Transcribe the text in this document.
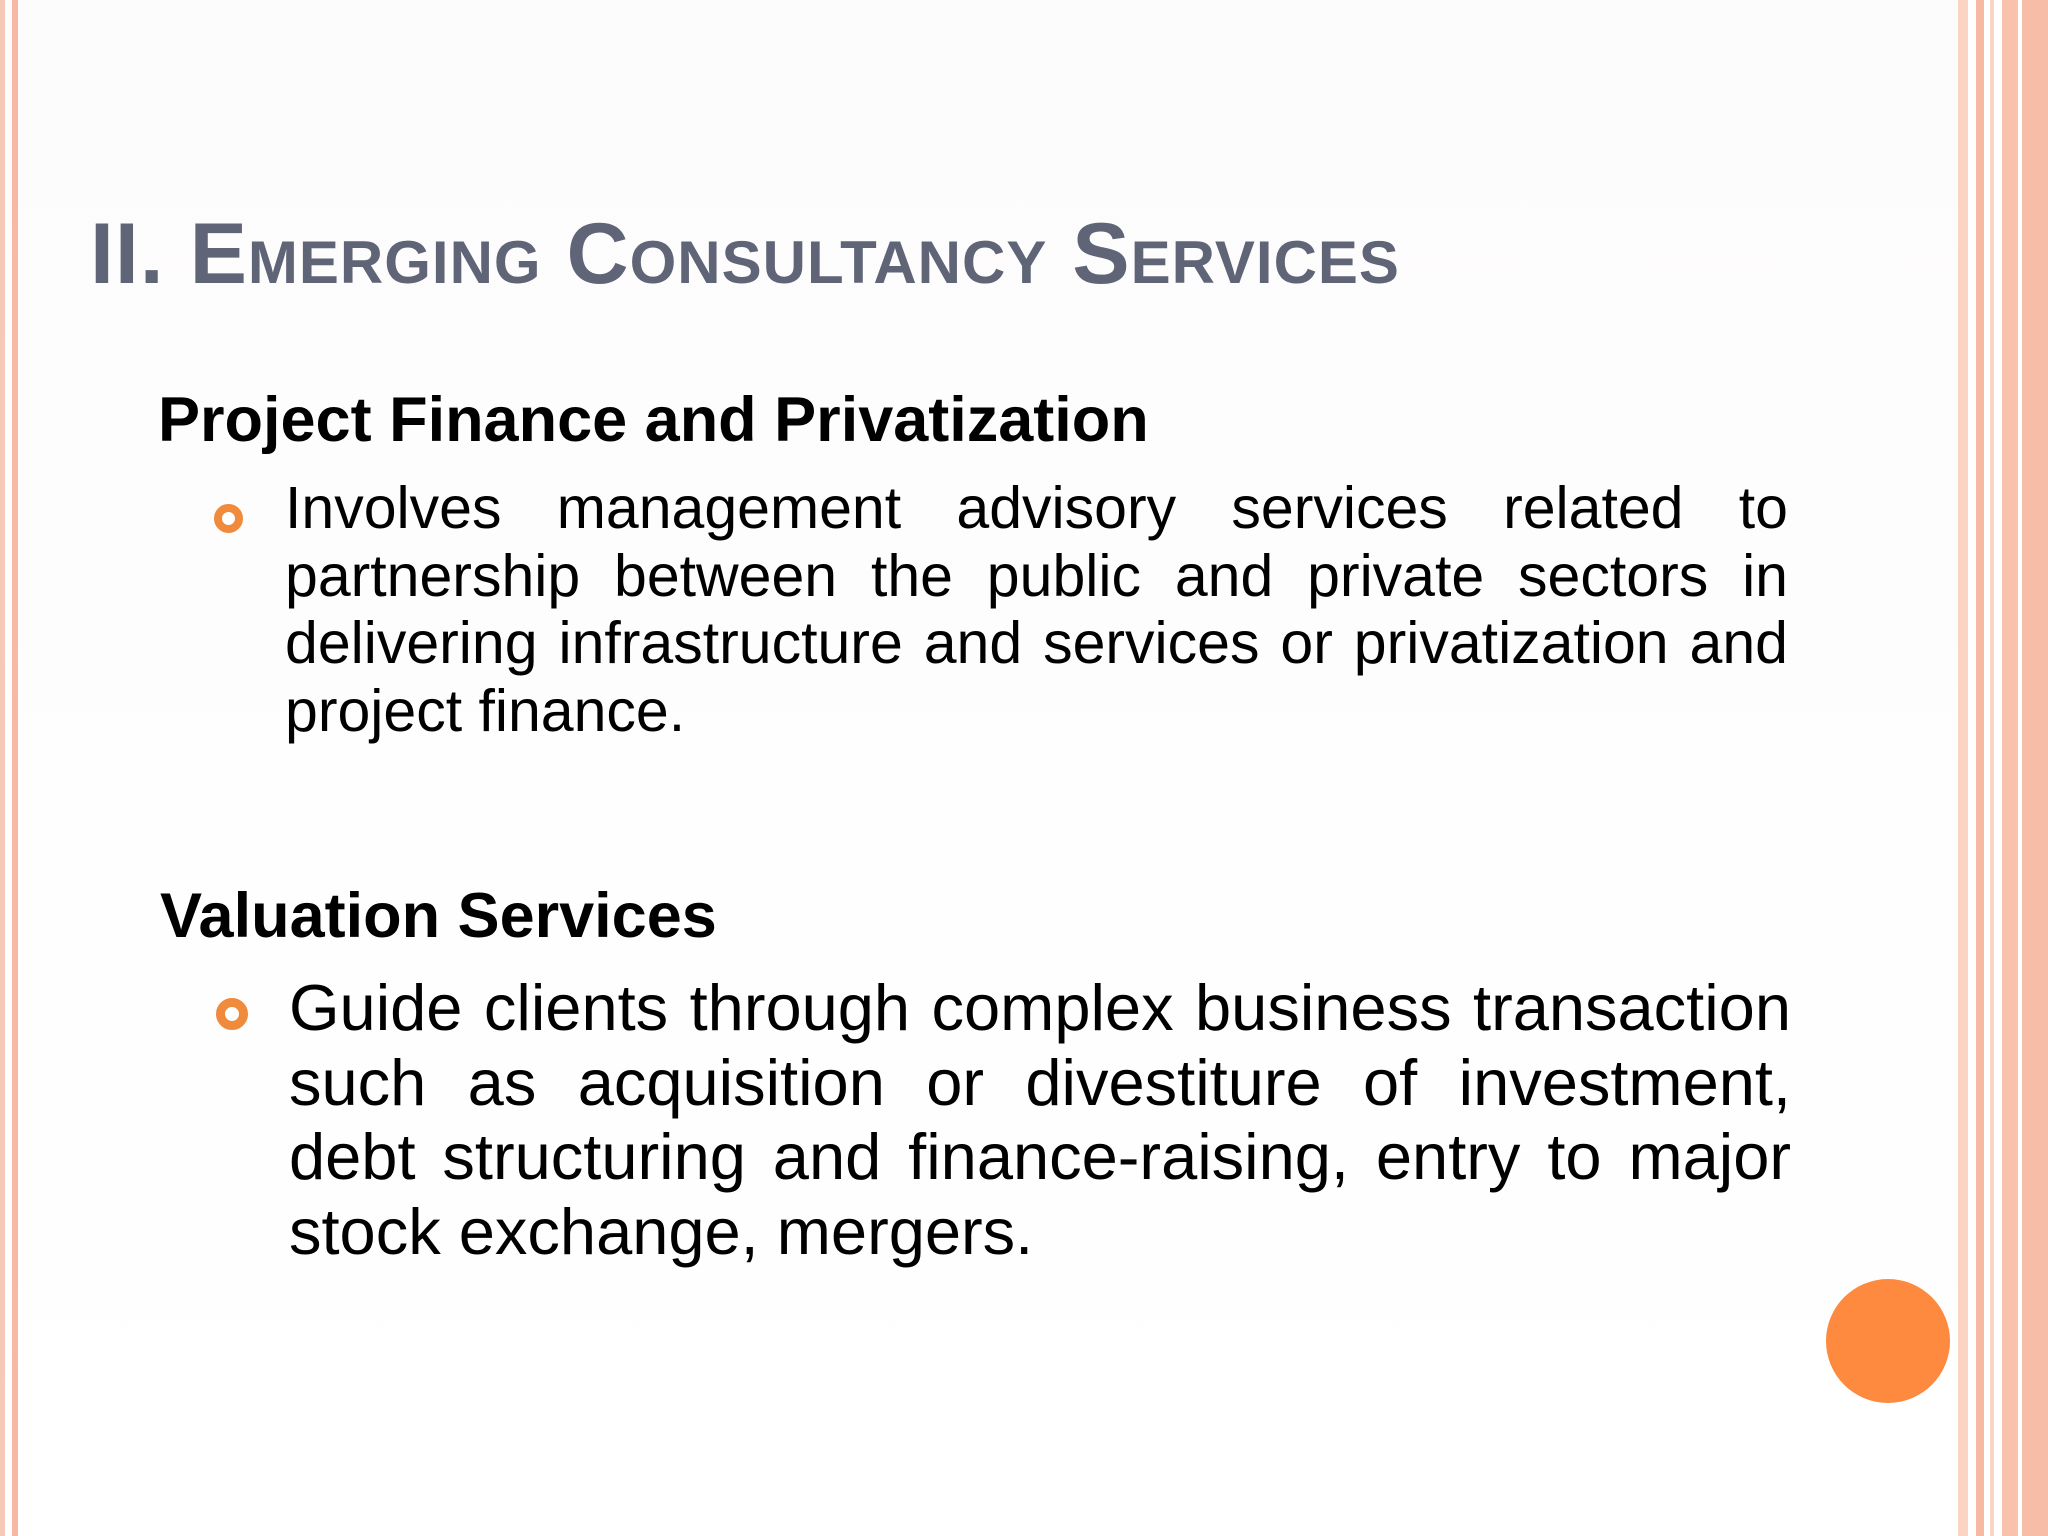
II. Emerging Consultancy Services
Project Finance and Privatization

Involves management advisory services related to partnership between the public and private sectors in delivering infrastructure and services or privatization and project finance.

Valuation Services

Guide clients through complex business transaction such as acquisition or divestiture of investment, debt structuring and finance-raising, entry to major stock exchange, mergers.
